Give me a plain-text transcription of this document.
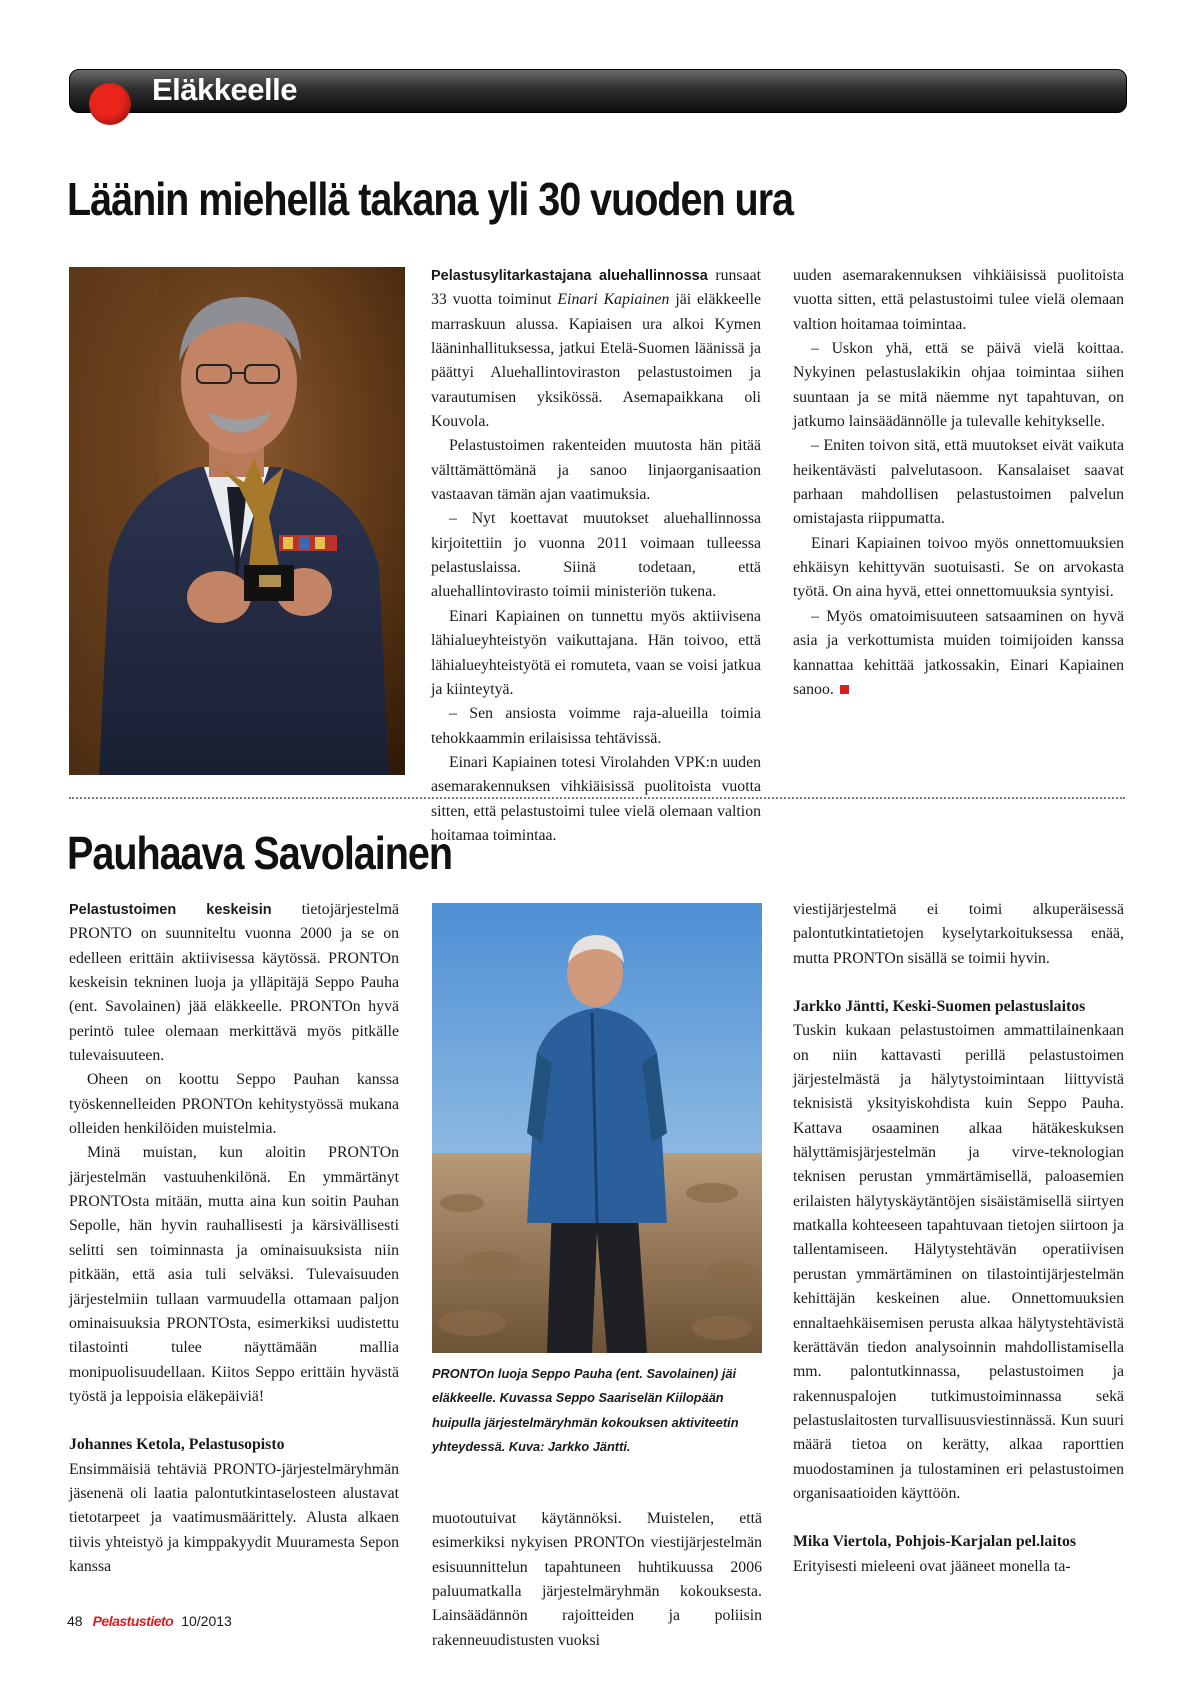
Eläkkeelle
Läänin miehellä takana yli 30 vuoden ura

Pelastusylitarkastajana aluehallinnossa runsaat 33 vuotta toiminut Einari Kapiainen jäi eläkkeelle marraskuun alussa. Kapiaisen ura alkoi Kymen lääninhallituksessa, jatkui Etelä-Suomen läänissä ja päättyi Aluehallintoviraston pelastustoimen ja varautumisen yksikössä. Asemapaikkana oli Kouvola.

Pelastustoimen rakenteiden muutosta hän pitää välttämättömänä ja sanoo linjaorganisaation vastaavan tämän ajan vaatimuksia.

– Nyt koettavat muutokset aluehallinnossa kirjoitettiin jo vuonna 2011 voimaan tulleessa pelastuslaissa. Siinä todetaan, että aluehallintovirasto toimii ministeriön tukena.

Einari Kapiainen on tunnettu myös aktiivisena lähialueyhteistyön vaikuttajana. Hän toivoo, että lähialueyhteistyötä ei romuteta, vaan se voisi jatkua ja kiinteytyä.

– Sen ansiosta voimme raja-alueilla toimia tehokkaammin erilaisissa tehtävissä.

Einari Kapiainen totesi Virolahden VPK:n uuden asemarakennuksen vihkiäisissä puolitoista vuotta sitten, että pelastustoimi tulee vielä olemaan valtion hoitamaa toimintaa.

uuden asemarakennuksen vihkiäisissä puolitoista vuotta sitten, että pelastustoimi tulee vielä olemaan valtion hoitamaa toimintaa.

– Uskon yhä, että se päivä vielä koittaa. Nykyinen pelastuslakikin ohjaa toimintaa siihen suuntaan ja se mitä näemme nyt tapahtuvan, on jatkumo lainsäädännölle ja tulevalle kehitykselle.

– Eniten toivon sitä, että muutokset eivät vaikuta heikentävästi palvelutasoon. Kansalaiset saavat parhaan mahdollisen pelastustoimen palvelun omistajasta riippumatta.

Einari Kapiainen toivoo myös onnettomuuksien ehkäisyn kehittyvän suotuisasti. Se on arvokasta työtä. On aina hyvä, ettei onnettomuuksia syntyisi.

– Myös omatoimisuuteen satsaaminen on hyvä asia ja verkottumista muiden toimijoiden kanssa kannattaa kehittää jatkossakin, Einari Kapiainen sanoo.

Pauhaava Savolainen

Pelastustoimen keskeisin tietojärjestelmä PRONTO on suunniteltu vuonna 2000 ja se on edelleen erittäin aktiivisessa käytössä. PRONTOn keskeisin tekninen luoja ja ylläpitäjä Seppo Pauha (ent. Savolainen) jää eläkkeelle. PRONTOn hyvä perintö tulee olemaan merkittävä myös pitkälle tulevaisuuteen.

Oheen on koottu Seppo Pauhan kanssa työskennelleiden PRONTOn kehitystyössä mukana olleiden henkilöiden muistelmia.

Minä muistan, kun aloitin PRONTOn järjestelmän vastuuhenkilönä. En ymmärtänyt PRONTOsta mitään, mutta aina kun soitin Pauhan Sepolle, hän hyvin rauhallisesti ja kärsivällisesti selitti sen toiminnasta ja ominaisuuksista niin pitkään, että asia tuli selväksi. Tulevaisuuden järjestelmiin tullaan varmuudella ottamaan paljon ominaisuuksia PRONTOsta, esimerkiksi uudistettu tilastointi tulee näyttämään mallia monipuolisuudellaan. Kiitos Seppo erittäin hyvästä työstä ja leppoisia eläkepäiviä!

Johannes Ketola, Pelastusopisto
Ensimmäisiä tehtäviä PRONTO-järjestelmäryhmän jäsenenä oli laatia palontutkintaselosteen alustavat tietotarpeet ja vaatimusmäärittely. Alusta alkaen tiivis yhteistyö ja kimppakyydit Muuramesta Sepon kanssa

PRONTOn luoja Seppo Pauha (ent. Savolainen) jäi eläkkeelle. Kuvassa Seppo Saariselän Kiilopään huipulla järjestelmäryhmän kokouksen aktiviteetin yhteydessä. Kuva: Jarkko Jäntti.

muotoutuivat käytännöksi. Muistelen, että esimerkiksi nykyisen PRONTOn viestijärjestelmän esisuunnittelun tapahtuneen huhtikuussa 2006 paluumatkalla järjestelmäryhmän kokouksesta. Lainsäädännön rajoitteiden ja poliisin rakenneuudistusten vuoksi

viestijärjestelmä ei toimi alkuperäisessä palontutkintatietojen kyselytarkoituksessa enää, mutta PRONTOn sisällä se toimii hyvin.

Jarkko Jäntti, Keski-Suomen pelastuslaitos
Tuskin kukaan pelastustoimen ammattilainenkaan on niin kattavasti perillä pelastustoimen järjestelmästä ja hälytystoimintaan liittyvistä teknisistä yksityiskohdista kuin Seppo Pauha. Kattava osaaminen alkaa hätäkeskuksen hälyttämisjärjestelmän ja virve-teknologian teknisen perustan ymmärtämisellä, paloasemien erilaisten hälytyskäytäntöjen sisäistämisellä siirtyen matkalla kohteeseen tapahtuvaan tietojen siirtoon ja tallentamiseen. Hälytystehtävän operatiivisen perustan ymmärtäminen on tilastointijärjestelmän kehittäjän keskeinen alue. Onnettomuuksien ennaltaehkäisemisen perusta alkaa hälytystehtävistä kerättävän tiedon analysoinnin mahdollistamisella mm. palontutkinnassa, pelastustoimen ja rakennuspalojen tutkimustoiminnassa sekä pelastuslaitosten turvallisuusviestinnässä. Kun suuri määrä tietoa on kerätty, alkaa raporttien muodostaminen ja tulostaminen eri pelastustoimen organisaatioiden käyttöön.

Mika Viertola, Pohjois-Karjalan pel.laitos
Erityisesti mieleeni ovat jääneet monella ta-

48 Pelastustieto 10/2013
